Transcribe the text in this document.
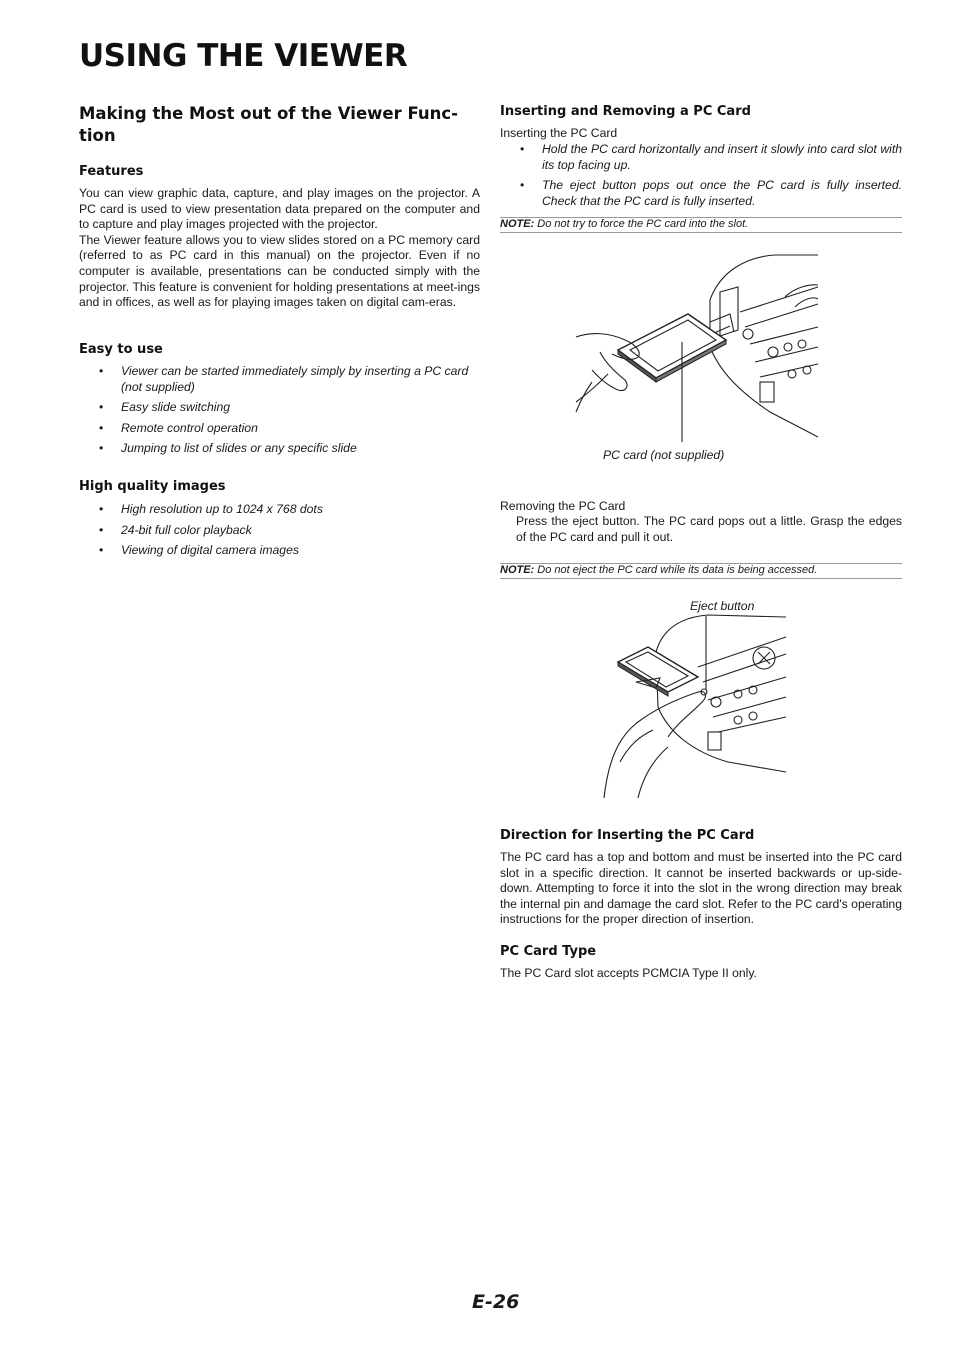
USING THE VIEWER
Making the Most out of the Viewer Func-
tion
Features

You can view graphic data, capture, and play images on the projector. A PC card is used to view presentation data prepared on the computer and to capture and play images projected with the projector.

The Viewer feature allows you to view slides stored on a PC memory card (referred to as PC card in this manual) on the projector. Even if no computer is available, presentations can be conducted simply with the projector. This feature is convenient for holding presentations at meet-ings and in offices, as well as for playing images taken on digital cam-eras.

Easy to use
• Viewer can be started immediately simply by inserting a PC card (not supplied)
• Easy slide switching
• Remote control operation
• Jumping to list of slides or any specific slide
High quality images
• High resolution up to 1024 x 768 dots
• 24-bit full color playback
• Viewing of digital camera images
Inserting and Removing a PC Card
Inserting the PC Card
• Hold the PC card horizontally and insert it slowly into card slot with its top facing up.
• The eject button pops out once the PC card is fully inserted. Check that the PC card is fully inserted.
NOTE: Do not try to force the PC card into the slot.
PC card (not supplied)
Removing the PC Card
Press the eject button. The PC card pops out a little. Grasp the edges of the PC card and pull it out.
NOTE: Do not eject the PC card while its data is being accessed.
Eject button
Direction for Inserting the PC Card
The PC card has a top and bottom and must be inserted into the PC card slot in a specific direction. It cannot be inserted backwards or up-side-down. Attempting to force it into the slot in the wrong direction may break the internal pin and damage the card slot. Refer to the PC card's operating instructions for the proper direction of insertion.
PC Card Type
The PC Card slot accepts PCMCIA Type II only.
E-26
